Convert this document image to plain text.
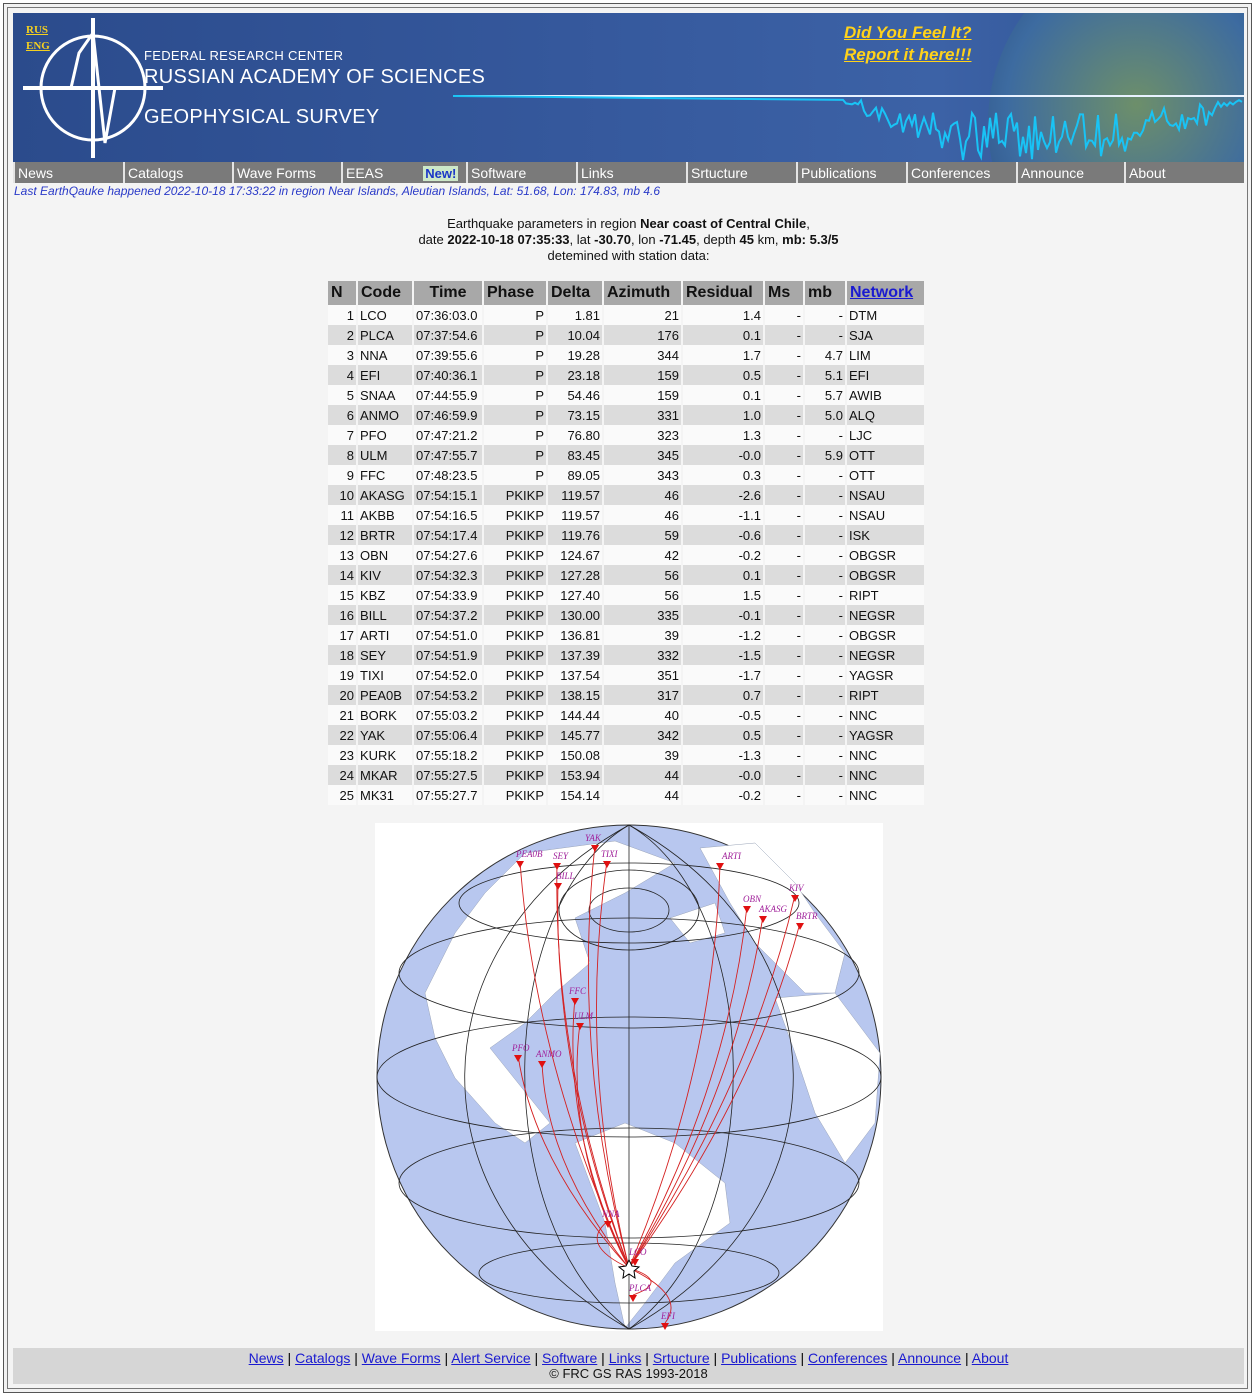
RUS
ENG
FEDERAL RESEARCH CENTER
RUSSIAN ACADEMY OF SCIENCES
GEOPHYSICAL SURVEY
Did You Feel It?
Report it here!!!
News	Catalogs	Wave Forms	EEAS	New!	Software	Links	Srtucture	Publications	Conferences	Announce	About
Last EarthQauke happened 2022-10-18 17:33:22 in region Near Islands, Aleutian Islands, Lat: 51.68, Lon: 174.83, mb 4.6
Earthquake parameters in region Near coast of Central Chile,
date 2022-10-18 07:35:33, lat -30.70, lon -71.45, depth 45 km, mb: 5.3/5
detemined with station data:
N	Code	Time	Phase	Delta	Azimuth	Residual	Ms	mb	Network
1	LCO	07:36:03.0	P	1.81	21	1.4	-	-	DTM
2	PLCA	07:37:54.6	P	10.04	176	0.1	-	-	SJA
3	NNA	07:39:55.6	P	19.28	344	1.7	-	4.7	LIM
4	EFI	07:40:36.1	P	23.18	159	0.5	-	5.1	EFI
5	SNAA	07:44:55.9	P	54.46	159	0.1	-	5.7	AWIB
6	ANMO	07:46:59.9	P	73.15	331	1.0	-	5.0	ALQ
7	PFO	07:47:21.2	P	76.80	323	1.3	-	-	LJC
8	ULM	07:47:55.7	P	83.45	345	-0.0	-	5.9	OTT
9	FFC	07:48:23.5	P	89.05	343	0.3	-	-	OTT
10	AKASG	07:54:15.1	PKIKP	119.57	46	-2.6	-	-	NSAU
11	AKBB	07:54:16.5	PKIKP	119.57	46	-1.1	-	-	NSAU
12	BRTR	07:54:17.4	PKIKP	119.76	59	-0.6	-	-	ISK
13	OBN	07:54:27.6	PKIKP	124.67	42	-0.2	-	-	OBGSR
14	KIV	07:54:32.3	PKIKP	127.28	56	0.1	-	-	OBGSR
15	KBZ	07:54:33.9	PKIKP	127.40	56	1.5	-	-	RIPT
16	BILL	07:54:37.2	PKIKP	130.00	335	-0.1	-	-	NEGSR
17	ARTI	07:54:51.0	PKIKP	136.81	39	-1.2	-	-	OBGSR
18	SEY	07:54:51.9	PKIKP	137.39	332	-1.5	-	-	NEGSR
19	TIXI	07:54:52.0	PKIKP	137.54	351	-1.7	-	-	YAGSR
20	PEA0B	07:54:53.2	PKIKP	138.15	317	0.7	-	-	RIPT
21	BORK	07:55:03.2	PKIKP	144.44	40	-0.5	-	-	NNC
22	YAK	07:55:06.4	PKIKP	145.77	342	0.5	-	-	YAGSR
23	KURK	07:55:18.2	PKIKP	150.08	39	-1.3	-	-	NNC
24	MKAR	07:55:27.5	PKIKP	153.94	44	-0.0	-	-	NNC
25	MK31	07:55:27.7	PKIKP	154.14	44	-0.2	-	-	NNC
YAK
TIXI
PEA0B SEY
BILL
ARTI
OBN
AKASG
KIV
BRTR
FFC
ULM
PFO
ANMO
NNA
LCO
PLCA
EFI
News | Catalogs | Wave Forms | Alert Service | Software | Links | Srtucture | Publications | Conferences | Announce | About
© FRC GS RAS 1993-2018
